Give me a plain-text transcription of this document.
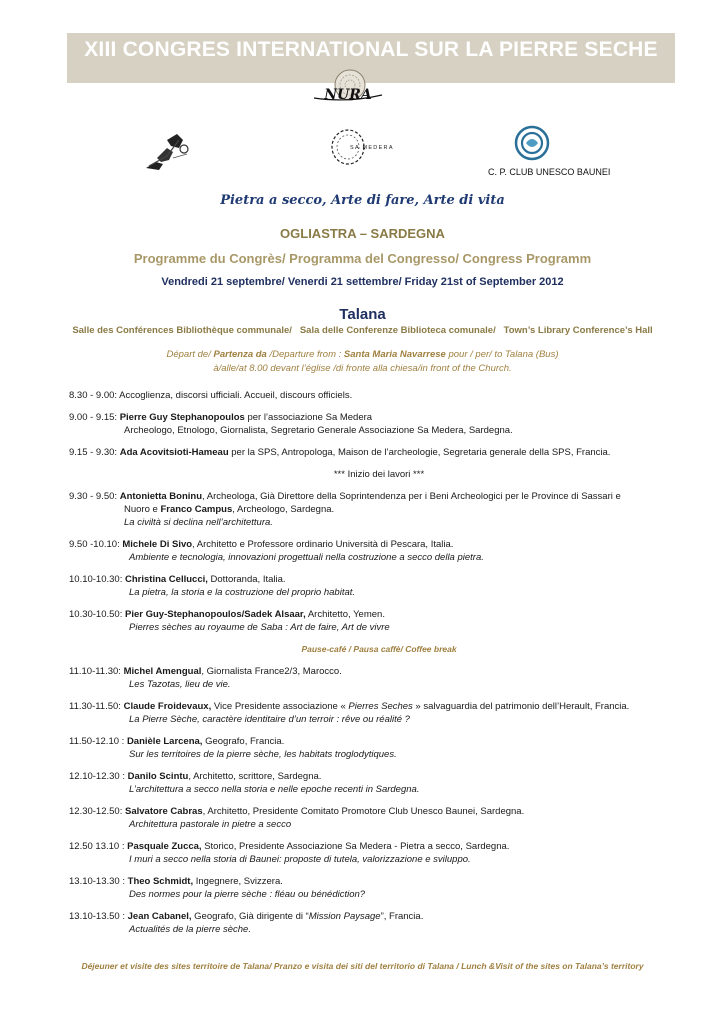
XIII CONGRES INTERNATIONAL SUR LA PIERRE SECHE
NURA
SA MEDERA
C. P. CLUB UNESCO BAUNEI
Pietra a secco, Arte di fare, Arte di vita
OGLIASTRA – SARDEGNA
Programme du Congrès/ Programma del Congresso/ Congress Programm
Vendredi 21 septembre/ Venerdi 21 settembre/ Friday 21st of September 2012
Talana
Salle des Conférences Bibliothèque communale/   Sala delle Conferenze Biblioteca comunale/   Town’s Library Conference’s Hall
Départ de/ Partenza da /Departure from : Santa Maria Navarrese pour / per/ to Talana (Bus)
à/alle/at 8.00 devant l’église /di fronte alla chiesa/in front of the Church.
8.30 - 9.00: Accoglienza, discorsi ufficiali. Accueil, discours officiels.
9.00 - 9.15: Pierre Guy Stephanopoulos per l’associazione Sa Medera
Archeologo, Etnologo, Giornalista, Segretario Generale Associazione Sa Medera, Sardegna.
9.15 - 9.30: Ada Acovitsioti-Hameau per la SPS, Antropologa, Maison de l’archeologie, Segretaria generale della SPS, Francia.
*** Inizio dei lavori ***
9.30 - 9.50: Antonietta Boninu, Archeologa, Già Direttore della Soprintendenza per i Beni Archeologici per le Province di Sassari e
Nuoro e Franco Campus, Archeologo, Sardegna.
La civiltà si declina nell’architettura.
9.50 -10.10: Michele Di Sivo, Architetto e Professore ordinario Università di Pescara, Italia.
Ambiente e tecnologia, innovazioni progettuali nella costruzione a secco della pietra.
10.10-10.30: Christina Cellucci, Dottoranda, Italia.
La pietra, la storia e la costruzione del proprio habitat.
10.30-10.50: Pier Guy-Stephanopoulos/Sadek Alsaar, Architetto, Yemen.
Pierres sèches au royaume de Saba : Art de faire, Art de vivre
Pause-café / Pausa caffè/ Coffee break
11.10-11.30: Michel Amengual, Giornalista France2/3, Marocco.
Les Tazotas, lieu de vie.
11.30-11.50: Claude Froidevaux, Vice Presidente associazione « Pierres Seches » salvaguardia del patrimonio dell’Herault, Francia.
La Pierre Sèche, caractère identitaire d’un terroir : rêve ou réalité ?
11.50-12.10 : Danièle Larcena, Geografo, Francia.
Sur les territoires de la pierre sèche, les habitats troglodytiques.
12.10-12.30 : Danilo Scintu, Architetto, scrittore, Sardegna.
L’architettura a secco nella storia e nelle epoche recenti in Sardegna.
12.30-12.50: Salvatore Cabras, Architetto, Presidente Comitato Promotore Club Unesco Baunei, Sardegna.
Architettura pastorale in pietre a secco
12.50 13.10 : Pasquale Zucca, Storico, Presidente Associazione Sa Medera - Pietra a secco, Sardegna.
I muri a secco nella storia di Baunei: proposte di tutela, valorizzazione e sviluppo.
13.10-13.30 : Theo Schmidt, Ingegnere, Svizzera.
Des normes pour la pierre sèche : fléau ou bénédiction?
13.10-13.50 : Jean Cabanel, Geografo, Già dirigente di “Mission Paysage”, Francia.
Actualités de la pierre sèche.
Déjeuner et visite des sites territoire de Talana/ Pranzo e visita dei siti del territorio di Talana / Lunch &Visit of the sites on Talana’s territory
